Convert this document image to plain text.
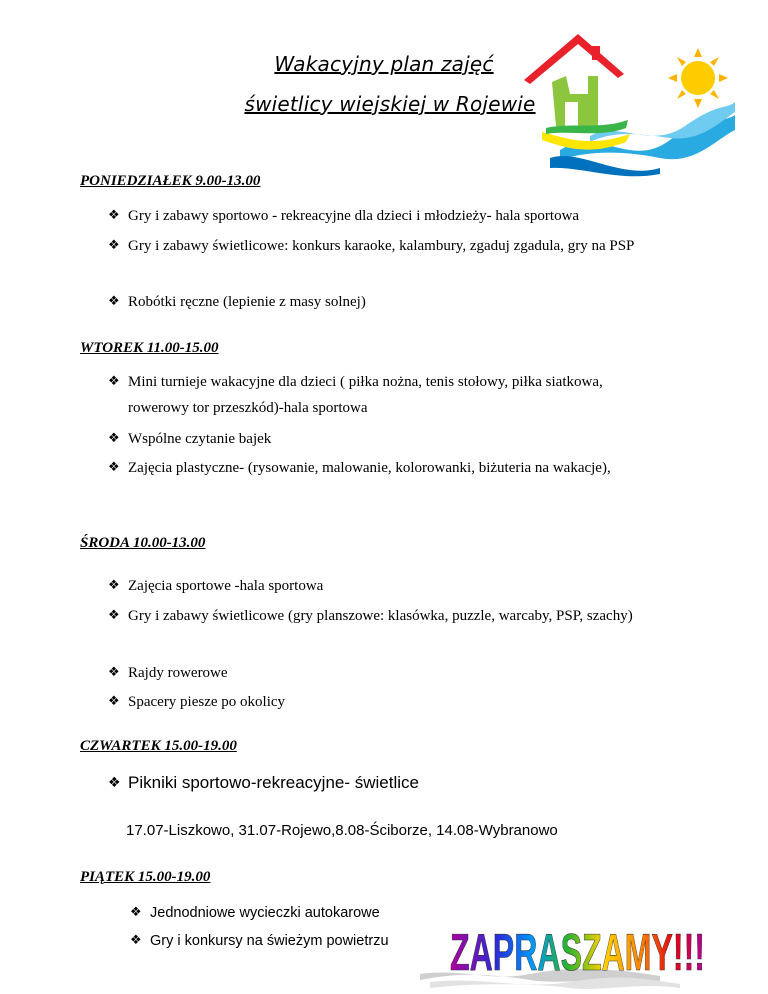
Wakacyjny plan zajęć
świetlicy wiejskiej w Rojewie
PONIEDZIAŁEK 9.00-13.00
❖ Gry i zabawy sportowo - rekreacyjne dla dzieci i młodzieży- hala sportowa
❖ Gry i zabawy świetlicowe: konkurs karaoke, kalambury, zgaduj zgadula, gry na PSP
❖ Robótki ręczne (lepienie z masy solnej)
WTOREK 11.00-15.00
❖ Mini turnieje wakacyjne dla dzieci ( piłka nożna, tenis stołowy, piłka siatkowa, rowerowy tor przeszkód)-hala sportowa
❖ Wspólne czytanie bajek
❖ Zajęcia plastyczne- (rysowanie, malowanie, kolorowanki, biżuteria na wakacje),
ŚRODA 10.00-13.00
❖ Zajęcia sportowe -hala sportowa
❖ Gry i zabawy świetlicowe (gry planszowe: klasówka, puzzle, warcaby, PSP, szachy)
❖ Rajdy rowerowe
❖ Spacery piesze po okolicy
CZWARTEK 15.00-19.00
❖ Pikniki sportowo-rekreacyjne- świetlice
17.07-Liszkowo, 31.07-Rojewo,8.08-Ściborze, 14.08-Wybranowo
PIĄTEK 15.00-19.00
❖ Jednodniowe wycieczki autokarowe
❖ Gry i konkursy na świeżym powietrzu	ZAPRASZAMY!!!
